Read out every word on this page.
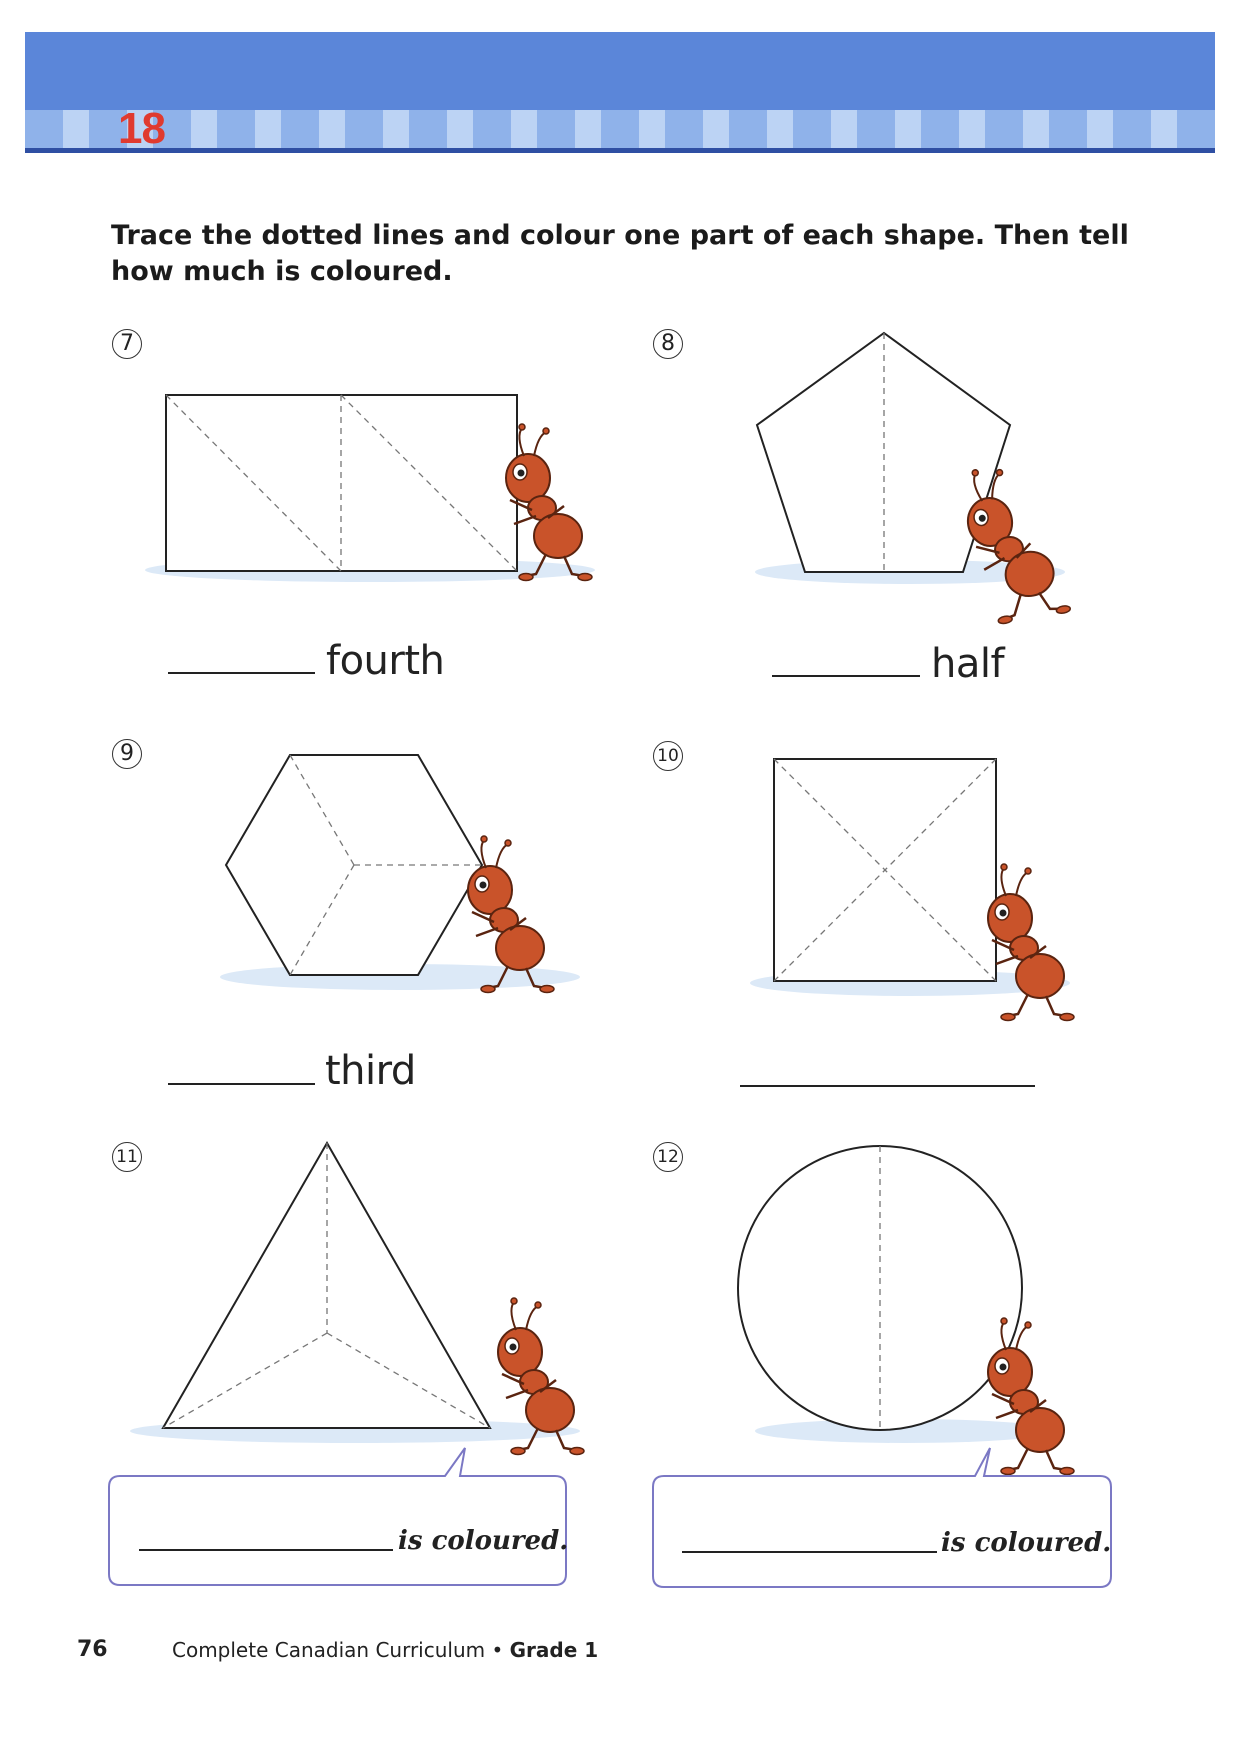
18

Trace the dotted lines and colour one part of each shape. Then tell how much is coloured.

7	8
9	10
11	12
fourth	half
third
is coloured.	is coloured.
76	Complete Canadian Curriculum • Grade 1
